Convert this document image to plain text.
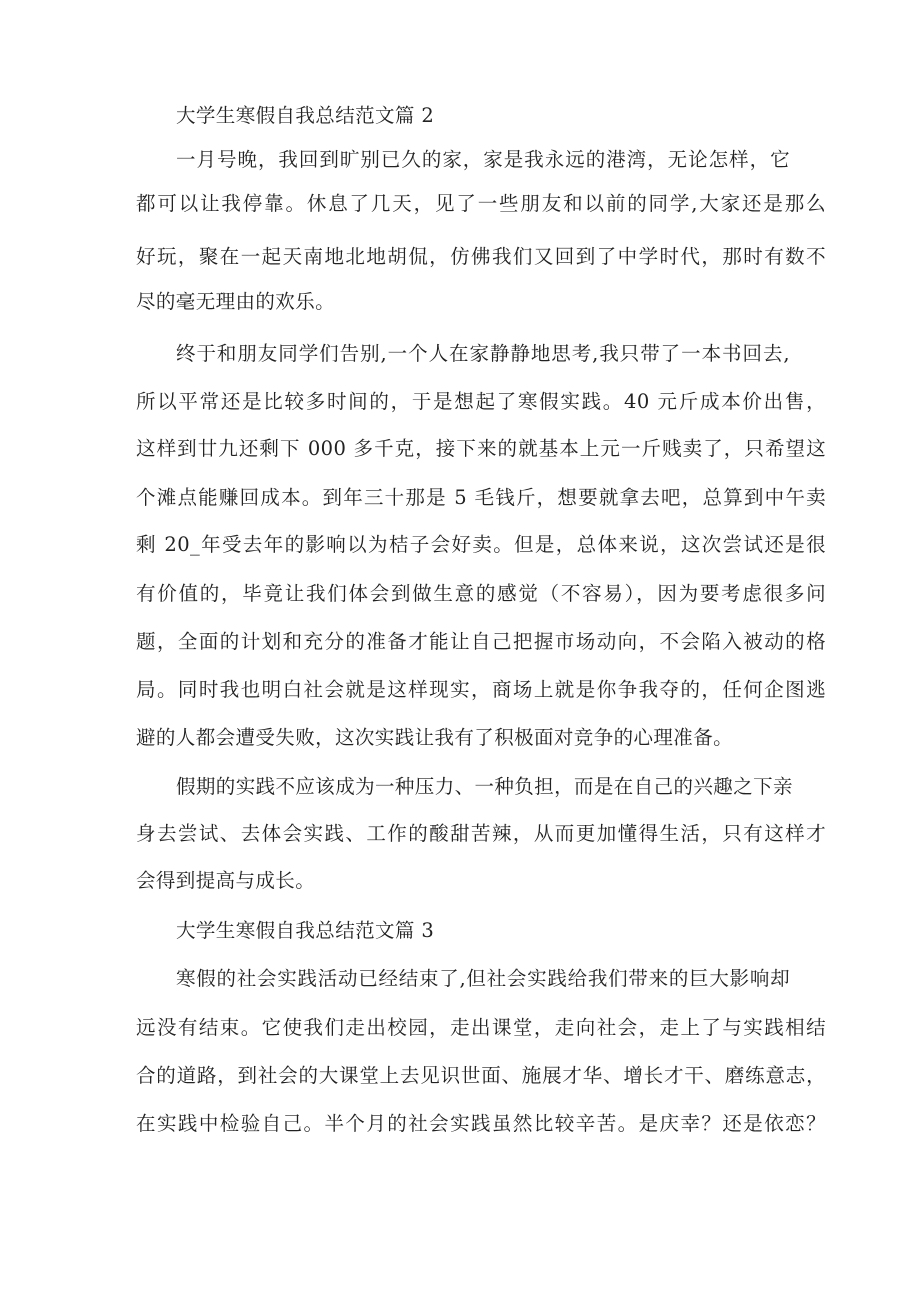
大学生寒假自我总结范文篇 2
一月号晚，我回到旷别已久的家，家是我永远的港湾，无论怎样，它
都可以让我停靠。休息了几天，见了一些朋友和以前的同学,大家还是那么
好玩，聚在一起天南地北地胡侃，仿佛我们又回到了中学时代，那时有数不
尽的毫无理由的欢乐。
终于和朋友同学们告别,一个人在家静静地思考,我只带了一本书回去,
所以平常还是比较多时间的，于是想起了寒假实践。40 元斤成本价出售，
这样到廿九还剩下 000 多千克，接下来的就基本上元一斤贱卖了，只希望这
个滩点能赚回成本。到年三十那是 5 毛钱斤，想要就拿去吧，总算到中午卖
剩 20_年受去年的影响以为桔子会好卖。但是，总体来说，这次尝试还是很
有价值的，毕竟让我们体会到做生意的感觉（不容易），因为要考虑很多问
题，全面的计划和充分的准备才能让自己把握市场动向，不会陷入被动的格
局。同时我也明白社会就是这样现实，商场上就是你争我夺的，任何企图逃
避的人都会遭受失败，这次实践让我有了积极面对竞争的心理准备。
假期的实践不应该成为一种压力、一种负担，而是在自己的兴趣之下亲
身去尝试、去体会实践、工作的酸甜苦辣，从而更加懂得生活，只有这样才
会得到提高与成长。
大学生寒假自我总结范文篇 3
寒假的社会实践活动已经结束了,但社会实践给我们带来的巨大影响却
远没有结束。它使我们走出校园，走出课堂，走向社会，走上了与实践相结
合的道路，到社会的大课堂上去见识世面、施展才华、增长才干、磨练意志，
在实践中检验自己。半个月的社会实践虽然比较辛苦。是庆幸？还是依恋？
